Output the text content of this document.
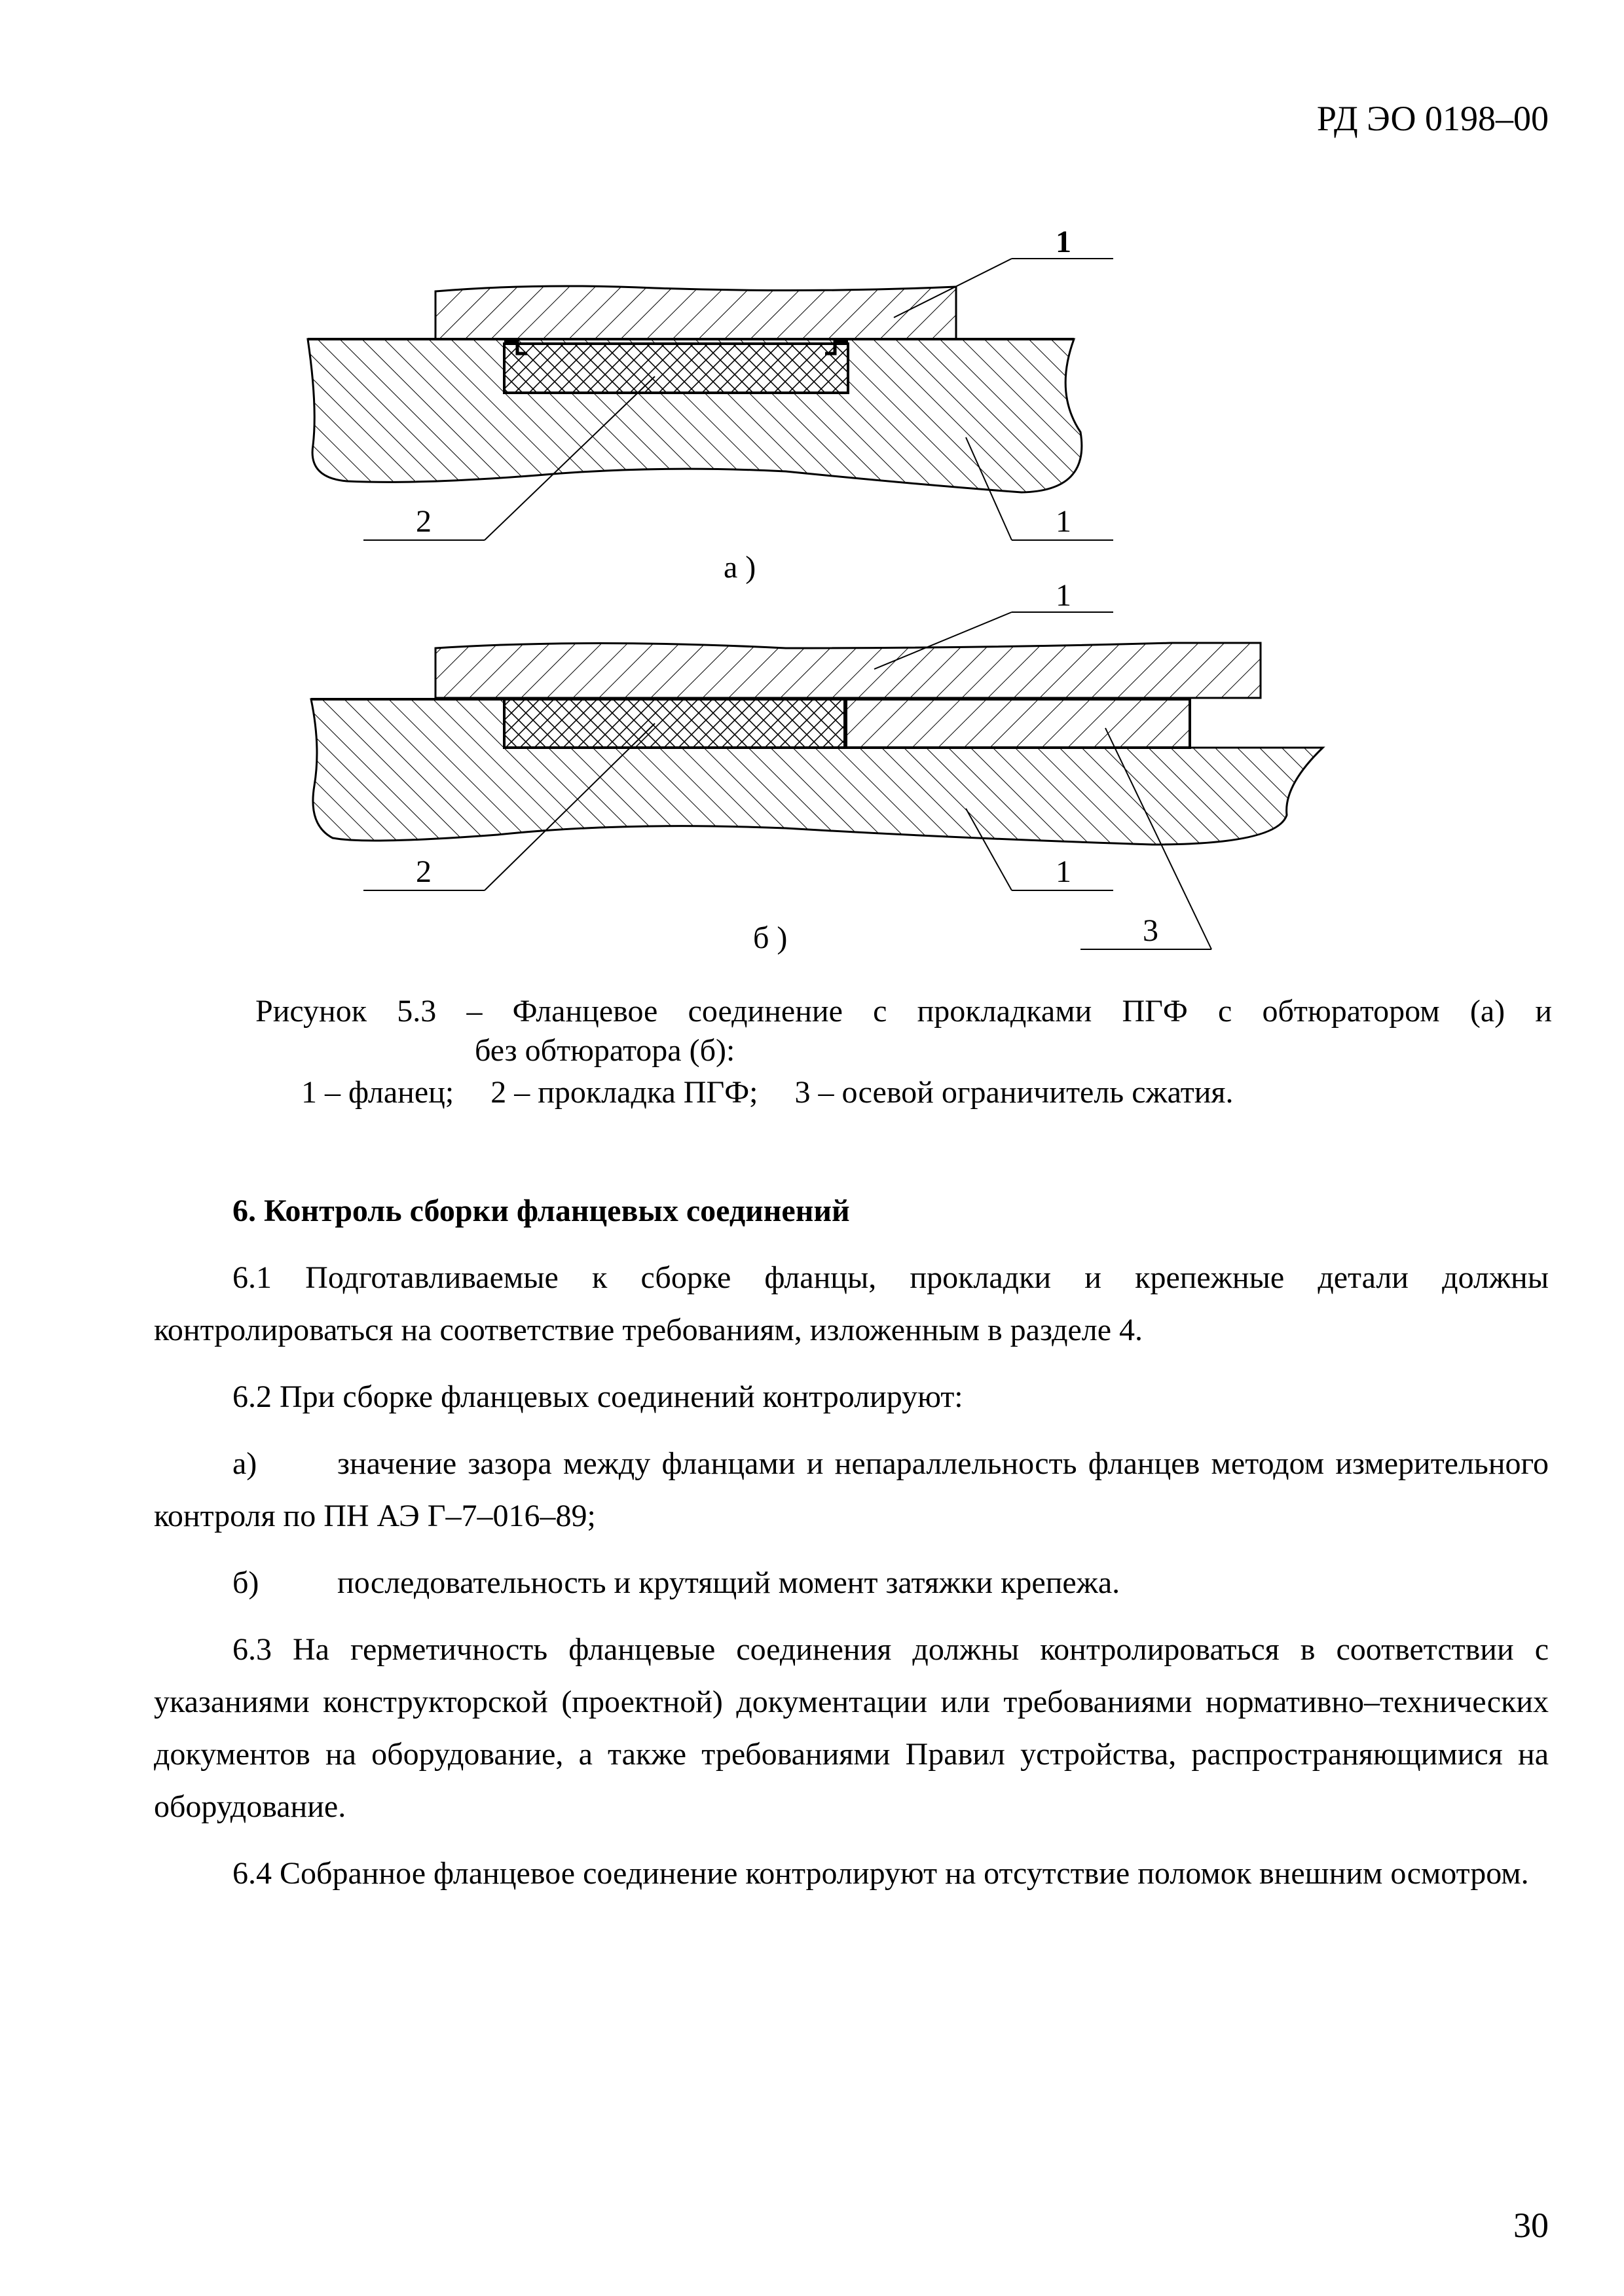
РД ЭО 0198–00
1
2	1
а )
1
2	1
3
б )
Рисунок 5.3 – Фланцевое соединение с прокладками ПГФ с обтюратором (а) и
без обтюратора (б):
1 – фланец; 2 – прокладка ПГФ; 3 – осевой ограничитель сжатия.

6. Контроль сборки фланцевых соединений

6.1 Подготавливаемые к сборке фланцы, прокладки и крепежные детали должны контролироваться на соответствие требованиям, изложенным в разделе 4.

6.2 При сборке фланцевых соединений контролируют:

а)	значение зазора между фланцами и непараллельность фланцев методом измерительного контроля по ПН АЭ Г–7–016–89;

б) последовательность и крутящий момент затяжки крепежа.

6.3 На герметичность фланцевые соединения должны контролироваться в соответствии с указаниями конструкторской (проектной) документации или требованиями нормативно–технических документов на оборудование, а также требованиями Правил устройства, распространяющимися на оборудование.

6.4 Собранное фланцевое соединение контролируют на отсутствие поломок внешним осмотром.

30
